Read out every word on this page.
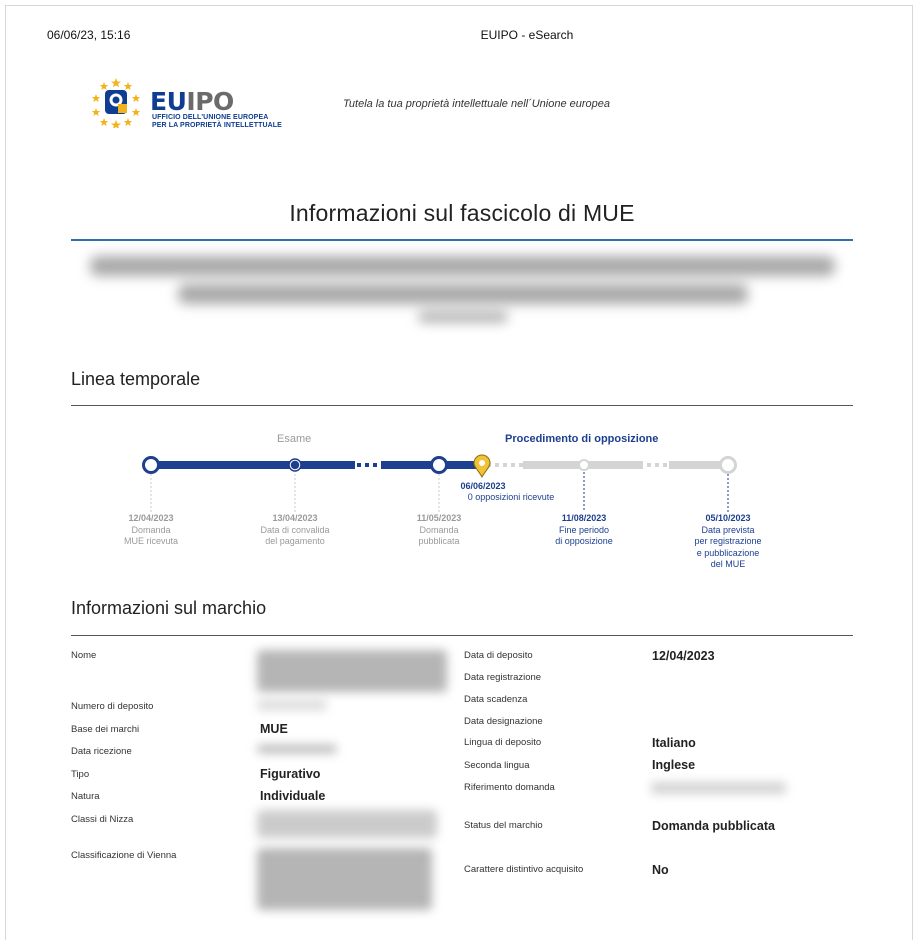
06/06/23, 15:16	EUIPO - eSearch
EUIPO
UFFICIO DELL'UNIONE EUROPEA
PER LA PROPRIETÀ INTELLETTUALE
Tutela la tua proprietà intellettuale nell´Unione europea
Informazioni sul fascicolo di MUE
Linea temporale
Esame	Procedimento di opposizione
06/06/2023
0 opposizioni ricevute
12/04/2023
Domanda
MUE ricevuta
13/04/2023
Data di convalida
del pagamento
11/05/2023
Domanda
pubblicata
11/08/2023
Fine periodo
di opposizione
05/10/2023
Data prevista
per registrazione
e pubblicazione
del MUE
Informazioni sul marchio
Nome
Numero di deposito
Base dei marchi
Data ricezione
Tipo
Natura
Classi di Nizza
Classificazione di Vienna
MUE
Figurativo
Individuale
Data di deposito
Data registrazione
Data scadenza
Data designazione
Lingua di deposito
Seconda lingua
Riferimento domanda
Status del marchio
Carattere distintivo acquisito
12/04/2023
Italiano
Inglese
Domanda pubblicata
No
